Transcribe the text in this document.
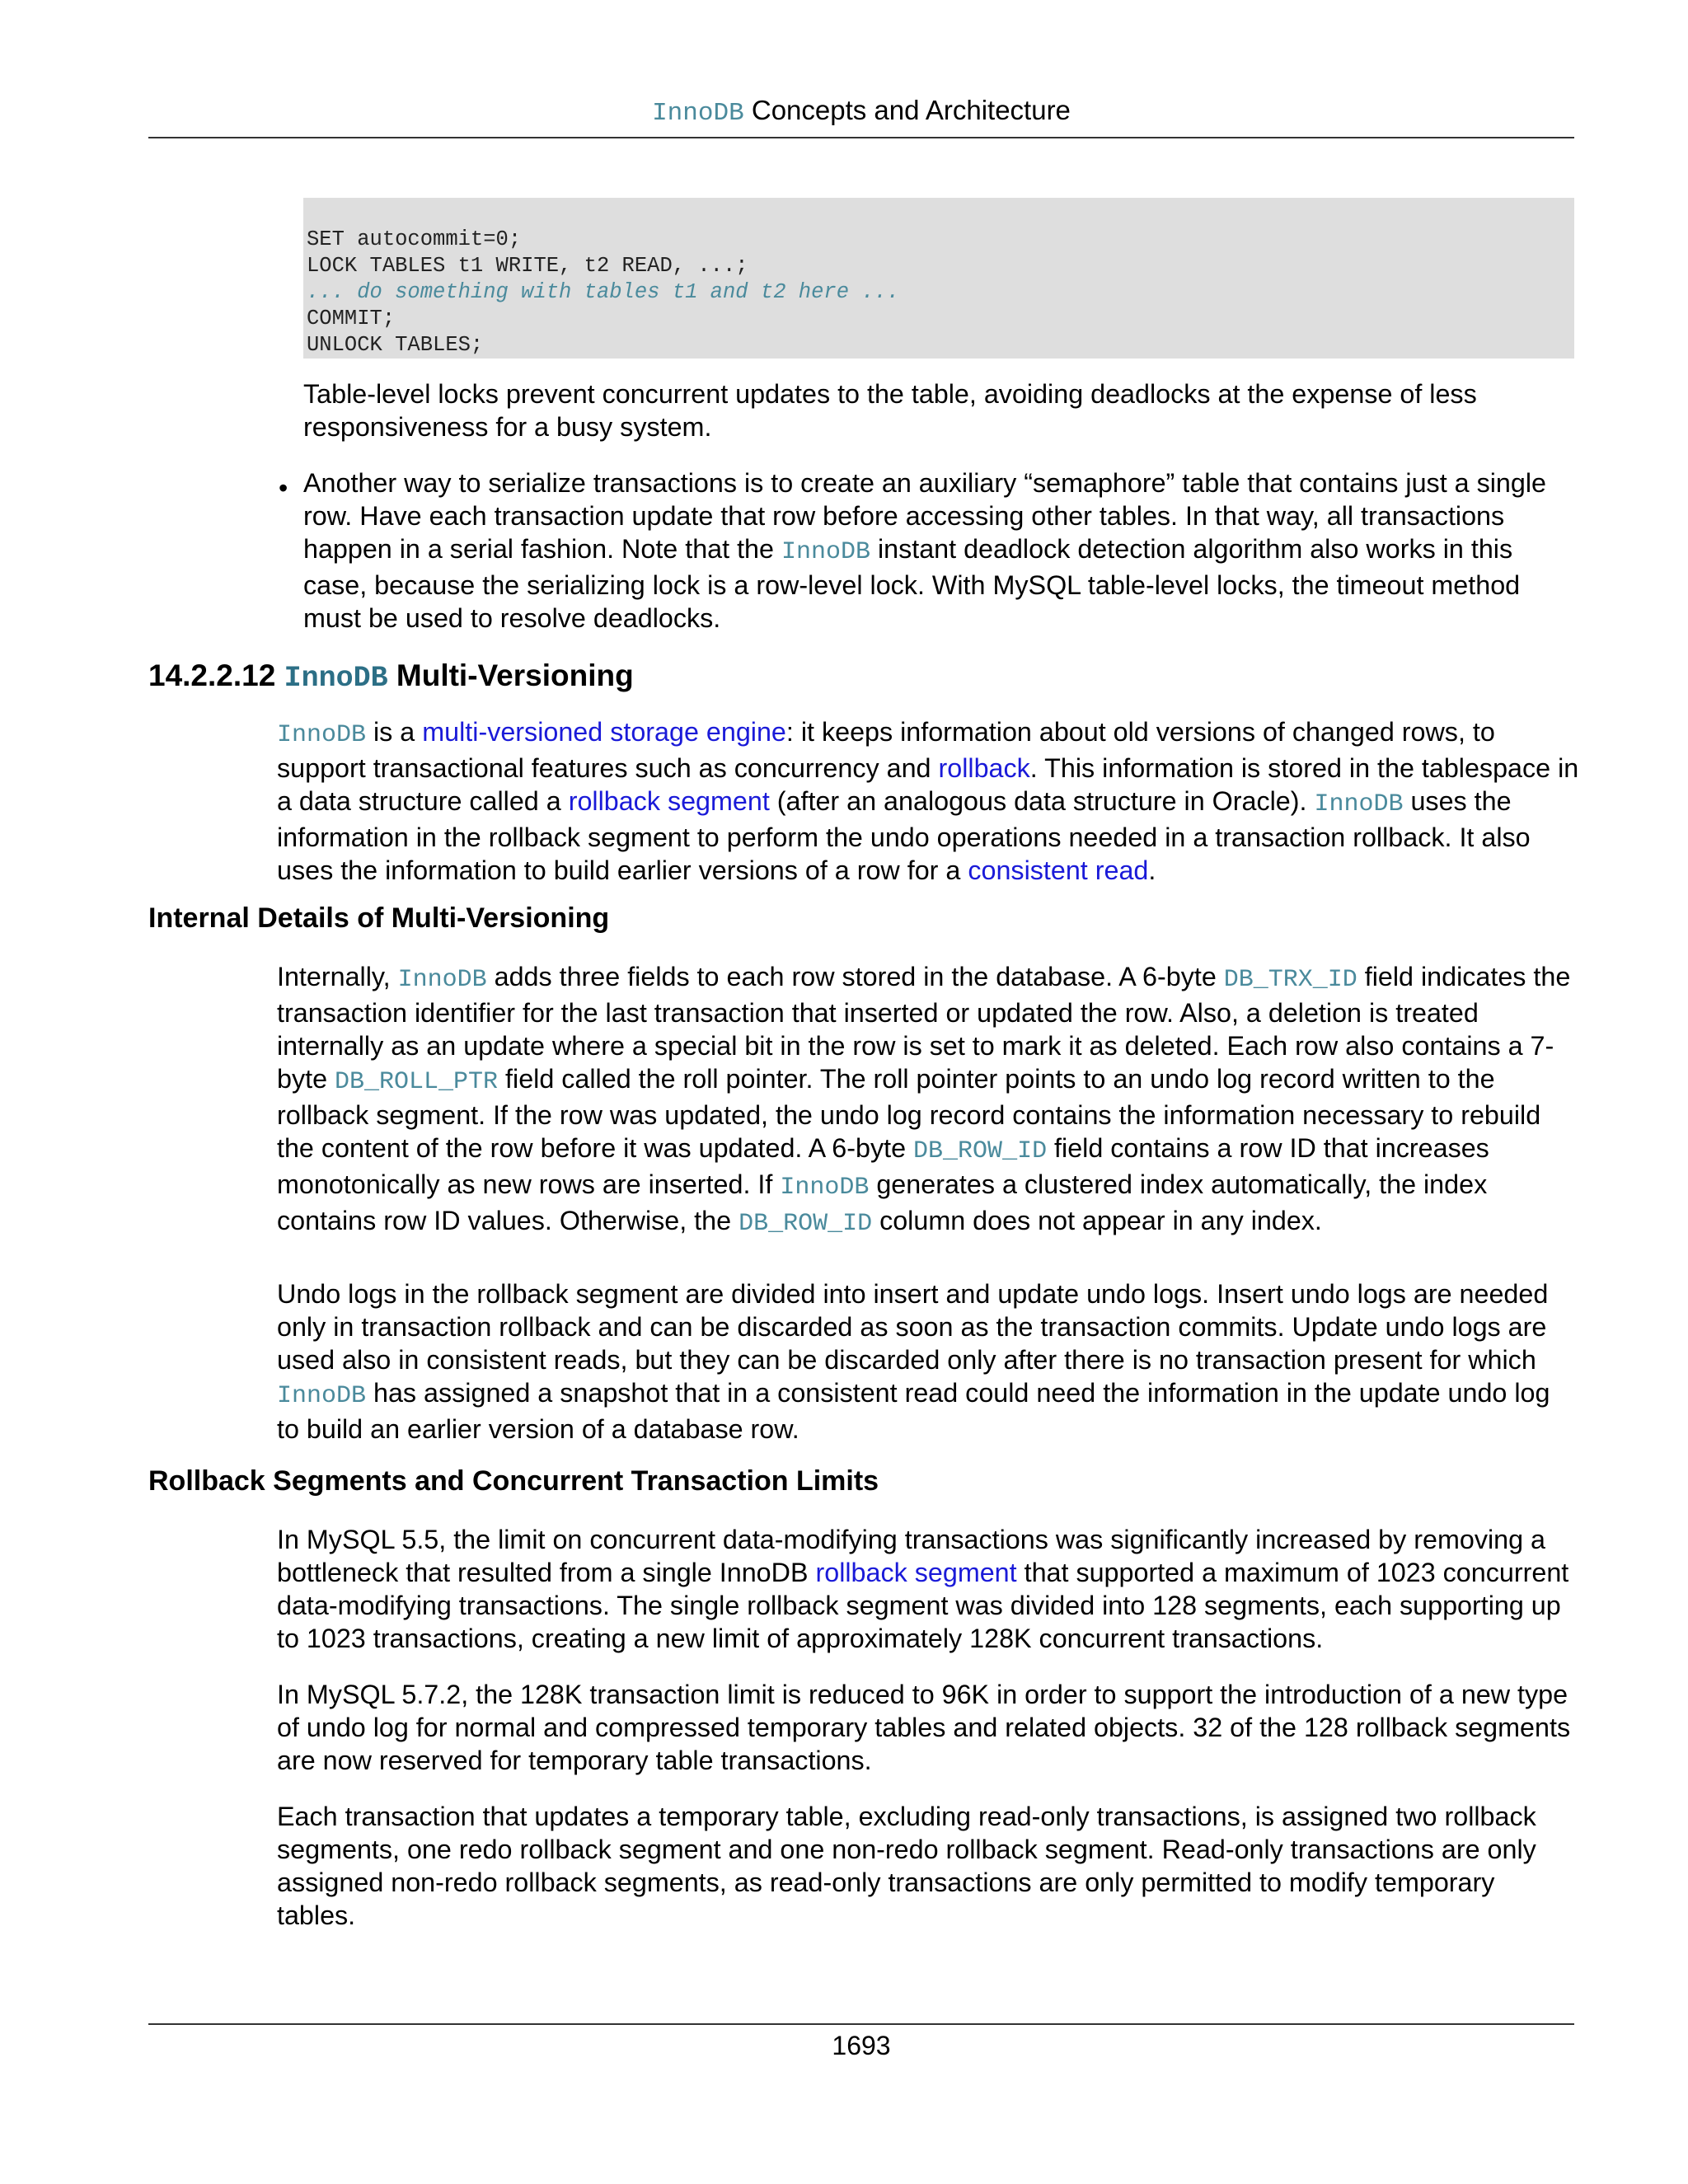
InnoDB Concepts and Architecture
SET autocommit=0;
LOCK TABLES t1 WRITE, t2 READ, ...;
... do something with tables t1 and t2 here ...
COMMIT;
UNLOCK TABLES;

Table-level locks prevent concurrent updates to the table, avoiding deadlocks at the expense of less responsiveness for a busy system.

• Another way to serialize transactions is to create an auxiliary “semaphore” table that contains just a single row. Have each transaction update that row before accessing other tables. In that way, all transactions happen in a serial fashion. Note that the InnoDB instant deadlock detection algorithm also works in this case, because the serializing lock is a row-level lock. With MySQL table-level locks, the timeout method must be used to resolve deadlocks.

14.2.2.12 InnoDB Multi-Versioning

InnoDB is a multi-versioned storage engine: it keeps information about old versions of changed rows, to support transactional features such as concurrency and rollback. This information is stored in the tablespace in a data structure called a rollback segment (after an analogous data structure in Oracle). InnoDB uses the information in the rollback segment to perform the undo operations needed in a transaction rollback. It also uses the information to build earlier versions of a row for a consistent read.

Internal Details of Multi-Versioning

Internally, InnoDB adds three fields to each row stored in the database. A 6-byte DB_TRX_ID field indicates the transaction identifier for the last transaction that inserted or updated the row. Also, a deletion is treated internally as an update where a special bit in the row is set to mark it as deleted. Each row also contains a 7-byte DB_ROLL_PTR field called the roll pointer. The roll pointer points to an undo log record written to the rollback segment. If the row was updated, the undo log record contains the information necessary to rebuild the content of the row before it was updated. A 6-byte DB_ROW_ID field contains a row ID that increases monotonically as new rows are inserted. If InnoDB generates a clustered index automatically, the index contains row ID values. Otherwise, the DB_ROW_ID column does not appear in any index.

Undo logs in the rollback segment are divided into insert and update undo logs. Insert undo logs are needed only in transaction rollback and can be discarded as soon as the transaction commits. Update undo logs are used also in consistent reads, but they can be discarded only after there is no transaction present for which InnoDB has assigned a snapshot that in a consistent read could need the information in the update undo log to build an earlier version of a database row.

Rollback Segments and Concurrent Transaction Limits

In MySQL 5.5, the limit on concurrent data-modifying transactions was significantly increased by removing a bottleneck that resulted from a single InnoDB rollback segment that supported a maximum of 1023 concurrent data-modifying transactions. The single rollback segment was divided into 128 segments, each supporting up to 1023 transactions, creating a new limit of approximately 128K concurrent transactions.

In MySQL 5.7.2, the 128K transaction limit is reduced to 96K in order to support the introduction of a new type of undo log for normal and compressed temporary tables and related objects. 32 of the 128 rollback segments are now reserved for temporary table transactions.

Each transaction that updates a temporary table, excluding read-only transactions, is assigned two rollback segments, one redo rollback segment and one non-redo rollback segment. Read-only transactions are only assigned non-redo rollback segments, as read-only transactions are only permitted to modify temporary tables.

1693
